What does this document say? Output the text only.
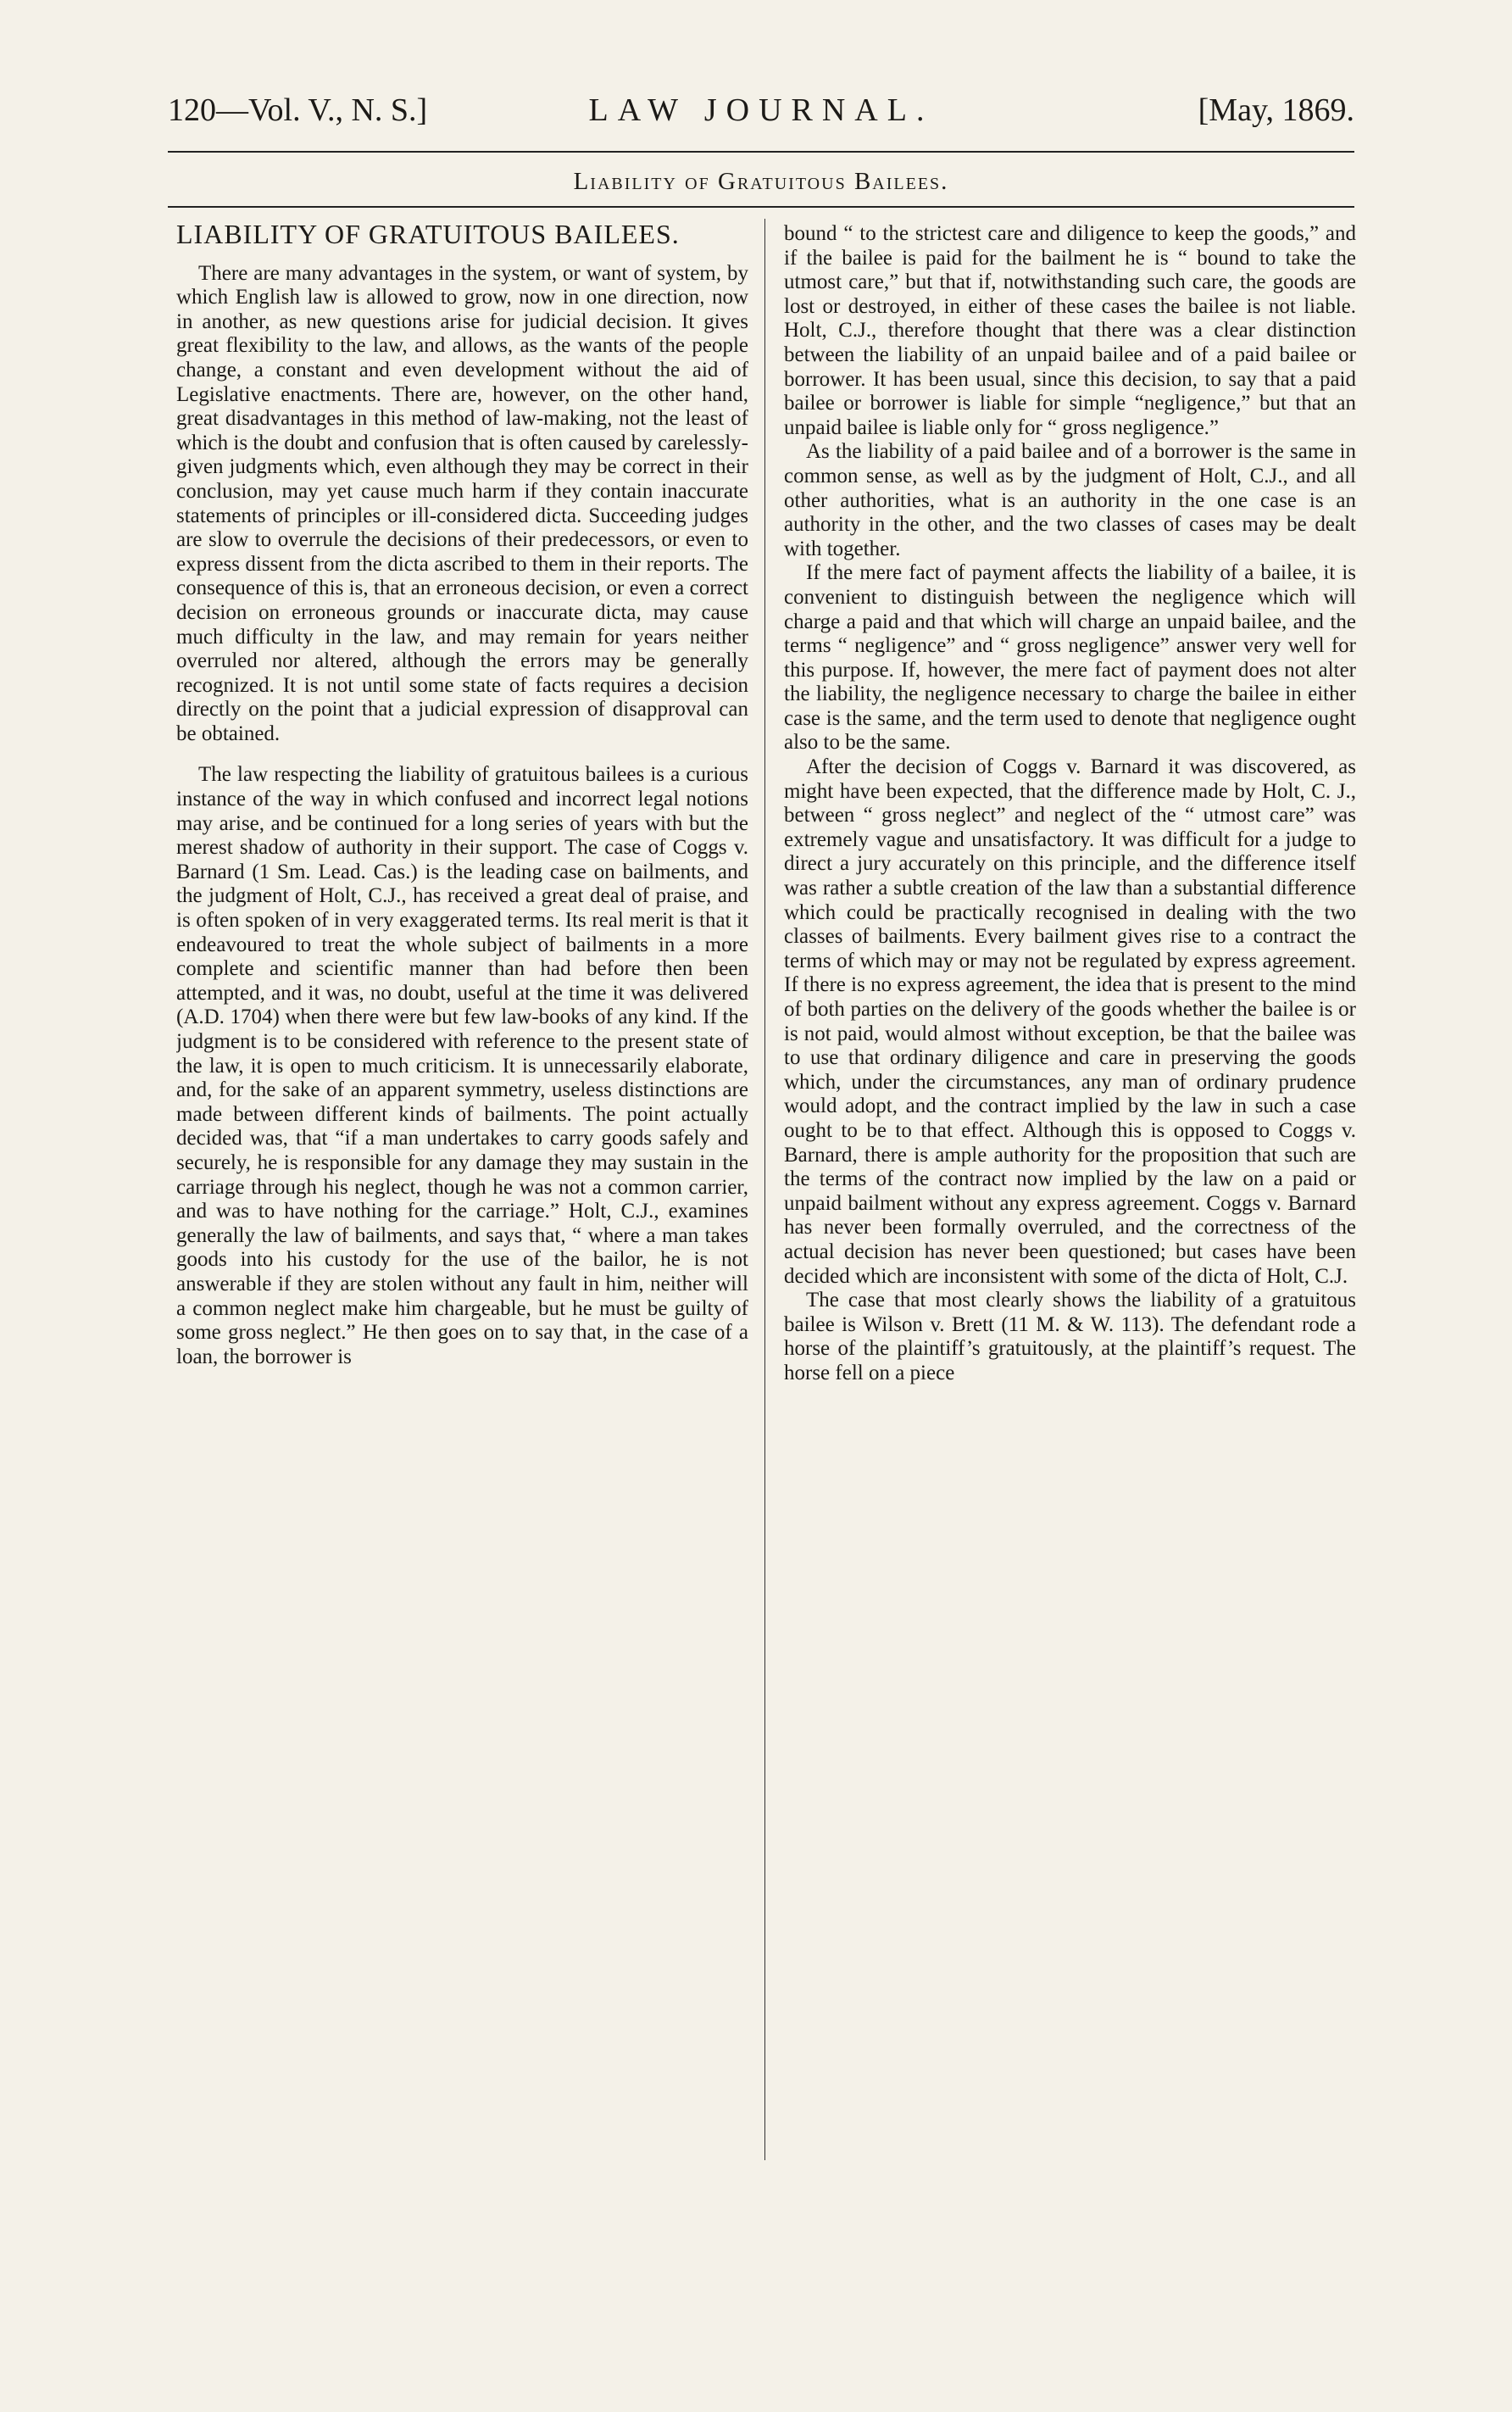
120—Vol. V., N. S.]	LAW JOURNAL.	[May, 1869.
Liability of Gratuitous Bailees.
LIABILITY OF GRATUITOUS BAILEES.

There are many advantages in the system, or want of system, by which English law is allowed to grow, now in one direction, now in another, as new questions arise for judicial decision. It gives great flexibility to the law, and allows, as the wants of the people change, a constant and even development without the aid of Legislative enactments. There are, however, on the other hand, great disadvantages in this method of law-making, not the least of which is the doubt and confusion that is often caused by carelessly-given judgments which, even although they may be correct in their conclusion, may yet cause much harm if they contain inaccurate statements of principles or ill-considered dicta. Succeeding judges are slow to overrule the decisions of their predecessors, or even to express dissent from the dicta ascribed to them in their reports. The consequence of this is, that an erroneous decision, or even a correct decision on erroneous grounds or inaccurate dicta, may cause much difficulty in the law, and may remain for years neither overruled nor altered, although the errors may be generally recognized. It is not until some state of facts requires a decision directly on the point that a judicial expression of disapproval can be obtained.

The law respecting the liability of gratuitous bailees is a curious instance of the way in which confused and incorrect legal notions may arise, and be continued for a long series of years with but the merest shadow of authority in their support. The case of Coggs v. Barnard (1 Sm. Lead. Cas.) is the leading case on bailments, and the judgment of Holt, C.J., has received a great deal of praise, and is often spoken of in very exaggerated terms. Its real merit is that it endeavoured to treat the whole subject of bailments in a more complete and scientific manner than had before then been attempted, and it was, no doubt, useful at the time it was delivered (A.D. 1704) when there were but few law-books of any kind. If the judgment is to be considered with reference to the present state of the law, it is open to much criticism. It is unnecessarily elaborate, and, for the sake of an apparent symmetry, useless distinctions are made between different kinds of bailments. The point actually decided was, that “if a man undertakes to carry goods safely and securely, he is responsible for any damage they may sustain in the carriage through his neglect, though he was not a common carrier, and was to have nothing for the carriage.” Holt, C.J., examines generally the law of bailments, and says that, “ where a man takes goods into his custody for the use of the bailor, he is not answerable if they are stolen without any fault in him, neither will a common neglect make him chargeable, but he must be guilty of some gross neglect.” He then goes on to say that, in the case of a loan, the borrower is

bound “ to the strictest care and diligence to keep the goods,” and if the bailee is paid for the bailment he is “ bound to take the utmost care,” but that if, notwithstanding such care, the goods are lost or destroyed, in either of these cases the bailee is not liable. Holt, C.J., therefore thought that there was a clear distinction between the liability of an unpaid bailee and of a paid bailee or borrower. It has been usual, since this decision, to say that a paid bailee or borrower is liable for simple “negligence,” but that an unpaid bailee is liable only for “ gross negligence.”

As the liability of a paid bailee and of a borrower is the same in common sense, as well as by the judgment of Holt, C.J., and all other authorities, what is an authority in the one case is an authority in the other, and the two classes of cases may be dealt with together.

If the mere fact of payment affects the liability of a bailee, it is convenient to distinguish between the negligence which will charge a paid and that which will charge an unpaid bailee, and the terms “ negligence” and “ gross negligence” answer very well for this purpose. If, however, the mere fact of payment does not alter the liability, the negligence necessary to charge the bailee in either case is the same, and the term used to denote that negligence ought also to be the same.

After the decision of Coggs v. Barnard it was discovered, as might have been expected, that the difference made by Holt, C. J., between “ gross neglect” and neglect of the “ utmost care” was extremely vague and unsatisfactory. It was difficult for a judge to direct a jury accurately on this principle, and the difference itself was rather a subtle creation of the law than a substantial difference which could be practically recognised in dealing with the two classes of bailments. Every bailment gives rise to a contract the terms of which may or may not be regulated by express agreement. If there is no express agreement, the idea that is present to the mind of both parties on the delivery of the goods whether the bailee is or is not paid, would almost without exception, be that the bailee was to use that ordinary diligence and care in preserving the goods which, under the circumstances, any man of ordinary prudence would adopt, and the contract implied by the law in such a case ought to be to that effect. Although this is opposed to Coggs v. Barnard, there is ample authority for the proposition that such are the terms of the contract now implied by the law on a paid or unpaid bailment without any express agreement. Coggs v. Barnard has never been formally overruled, and the correctness of the actual decision has never been questioned; but cases have been decided which are inconsistent with some of the dicta of Holt, C.J.

The case that most clearly shows the liability of a gratuitous bailee is Wilson v. Brett (11 M. & W. 113). The defendant rode a horse of the plaintiff’s gratuitously, at the plaintiff’s request. The horse fell on a piece
